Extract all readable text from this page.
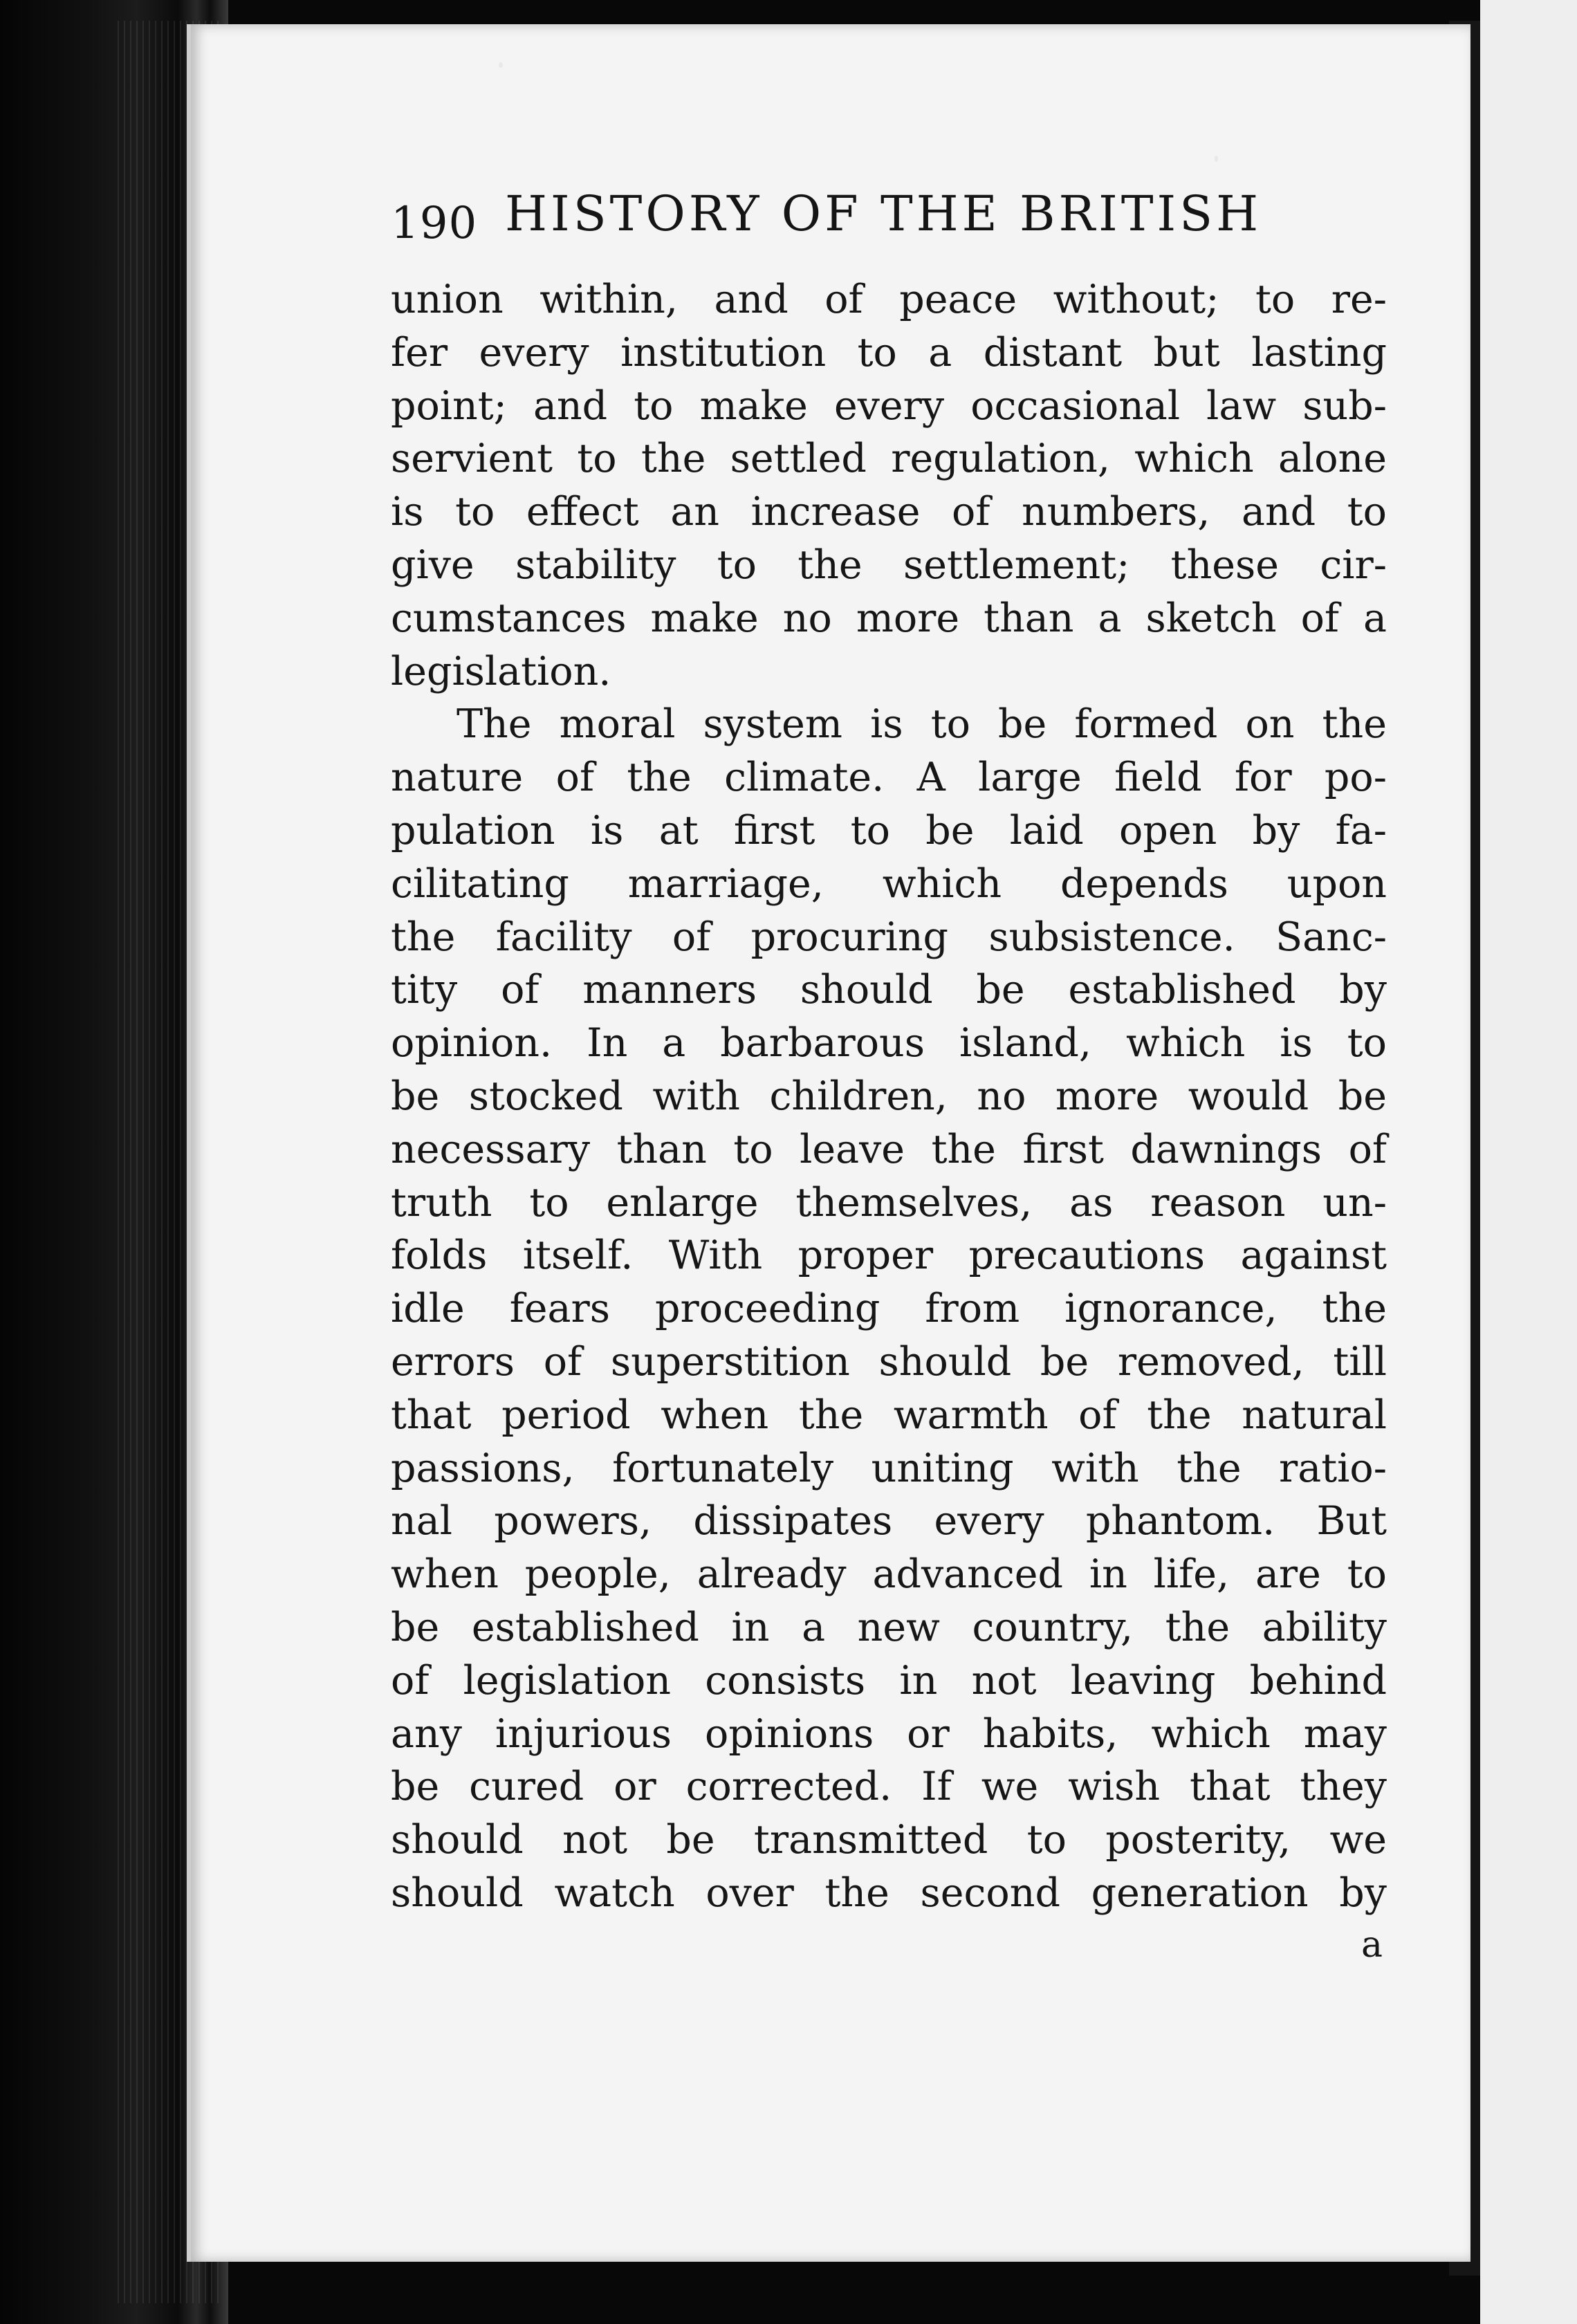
190 HISTORY OF THE BRITISH
union within, and of peace without; to re-
fer every institution to a distant but lasting
point; and to make every occasional law sub-
servient to the settled regulation, which alone
is to effect an increase of numbers, and to
give stability to the settlement; these cir-
cumstances make no more than a sketch of a
legislation.
The moral system is to be formed on the
nature of the climate. A large field for po-
pulation is at first to be laid open by fa-
cilitating marriage, which depends upon
the facility of procuring subsistence. Sanc-
tity of manners should be established by
opinion. In a barbarous island, which is to
be stocked with children, no more would be
necessary than to leave the first dawnings of
truth to enlarge themselves, as reason un-
folds itself. With proper precautions against
idle fears proceeding from ignorance, the
errors of superstition should be removed, till
that period when the warmth of the natural
passions, fortunately uniting with the ratio-
nal powers, dissipates every phantom. But
when people, already advanced in life, are to
be established in a new country, the ability
of legislation consists in not leaving behind
any injurious opinions or habits, which may
be cured or corrected. If we wish that they
should not be transmitted to posterity, we
should watch over the second generation by
a
